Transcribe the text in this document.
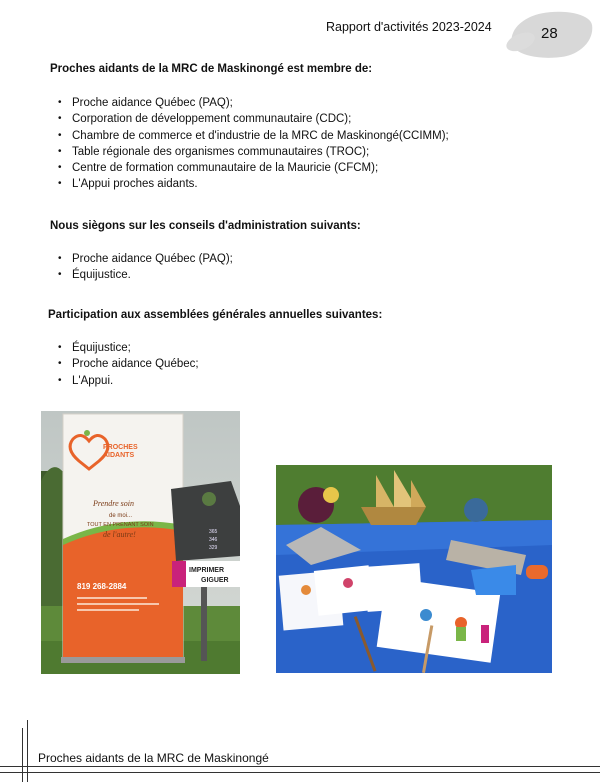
Rapport d'activités 2023-2024	28
Proches aidants de la MRC de Maskinongé est membre de:
• Proche aidance Québec (PAQ);
• Corporation de développement communautaire (CDC);
• Chambre de commerce et d'industrie de la MRC de Maskinongé(CCIMM);
• Table régionale des organismes communautaires (TROC);
• Centre de formation communautaire de la Mauricie (CFCM);
• L'Appui proches aidants.
Nous siègons sur les conseils d'administration suivants:
• Proche aidance Québec (PAQ);
• Équijustice.
Participation aux assemblées générales annuelles suivantes:
• Équijustice;
• Proche aidance Québec;
• L'Appui.
PROCHES
AIDANTS
Prendre soin
de moi...
TOUT EN PRENANT SOIN
de l'autre!
819 268-2884
365
346
329
IMPRIMER
GIGUER
Proches aidants de la MRC de Maskinongé
